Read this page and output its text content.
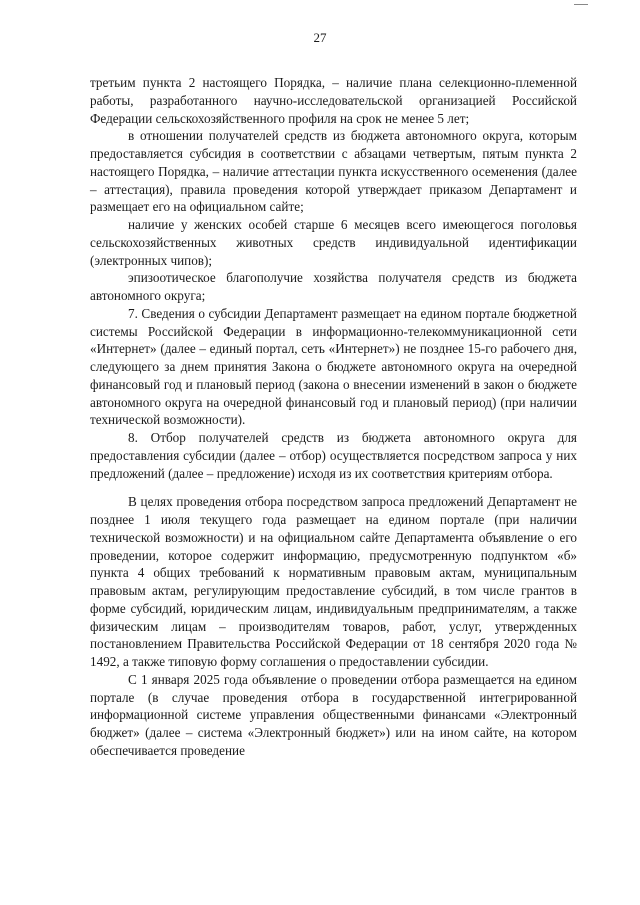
27

третьим пункта 2 настоящего Порядка, – наличие плана селекционно-племенной работы, разработанного научно-исследовательской организацией Российской Федерации сельскохозяйственного профиля на срок не менее 5 лет;

в отношении получателей средств из бюджета автономного округа, которым предоставляется субсидия в соответствии с абзацами четвертым, пятым пункта 2 настоящего Порядка, – наличие аттестации пункта искусственного осеменения (далее – аттестация), правила проведения которой утверждает приказом Департамент и размещает его на официальном сайте;

наличие у женских особей старше 6 месяцев всего имеющегося поголовья сельскохозяйственных животных средств индивидуальной идентификации (электронных чипов);

эпизоотическое благополучие хозяйства получателя средств из бюджета автономного округа;

7. Сведения о субсидии Департамент размещает на едином портале бюджетной системы Российской Федерации в информационно-телекоммуникационной сети «Интернет» (далее – единый портал, сеть «Интернет») не позднее 15-го рабочего дня, следующего за днем принятия Закона о бюджете автономного округа на очередной финансовый год и плановый период (закона о внесении изменений в закон о бюджете автономного округа на очередной финансовый год и плановый период) (при наличии технической возможности).

8. Отбор получателей средств из бюджета автономного округа для предоставления субсидии (далее – отбор) осуществляется посредством запроса у них предложений (далее – предложение) исходя из их соответствия критериям отбора.

В целях проведения отбора посредством запроса предложений Департамент не позднее 1 июля текущего года размещает на едином портале (при наличии технической возможности) и на официальном сайте Департамента объявление о его проведении, которое содержит информацию, предусмотренную подпунктом «б» пункта 4 общих требований к нормативным правовым актам, муниципальным правовым актам, регулирующим предоставление субсидий, в том числе грантов в форме субсидий, юридическим лицам, индивидуальным предпринимателям, а также физическим лицам – производителям товаров, работ, услуг, утвержденных постановлением Правительства Российской Федерации от 18 сентября 2020 года № 1492, а также типовую форму соглашения о предоставлении субсидии.

С 1 января 2025 года объявление о проведении отбора размещается на едином портале (в случае проведения отбора в государственной интегрированной информационной системе управления общественными финансами «Электронный бюджет» (далее – система «Электронный бюджет») или на ином сайте, на котором обеспечивается проведение
